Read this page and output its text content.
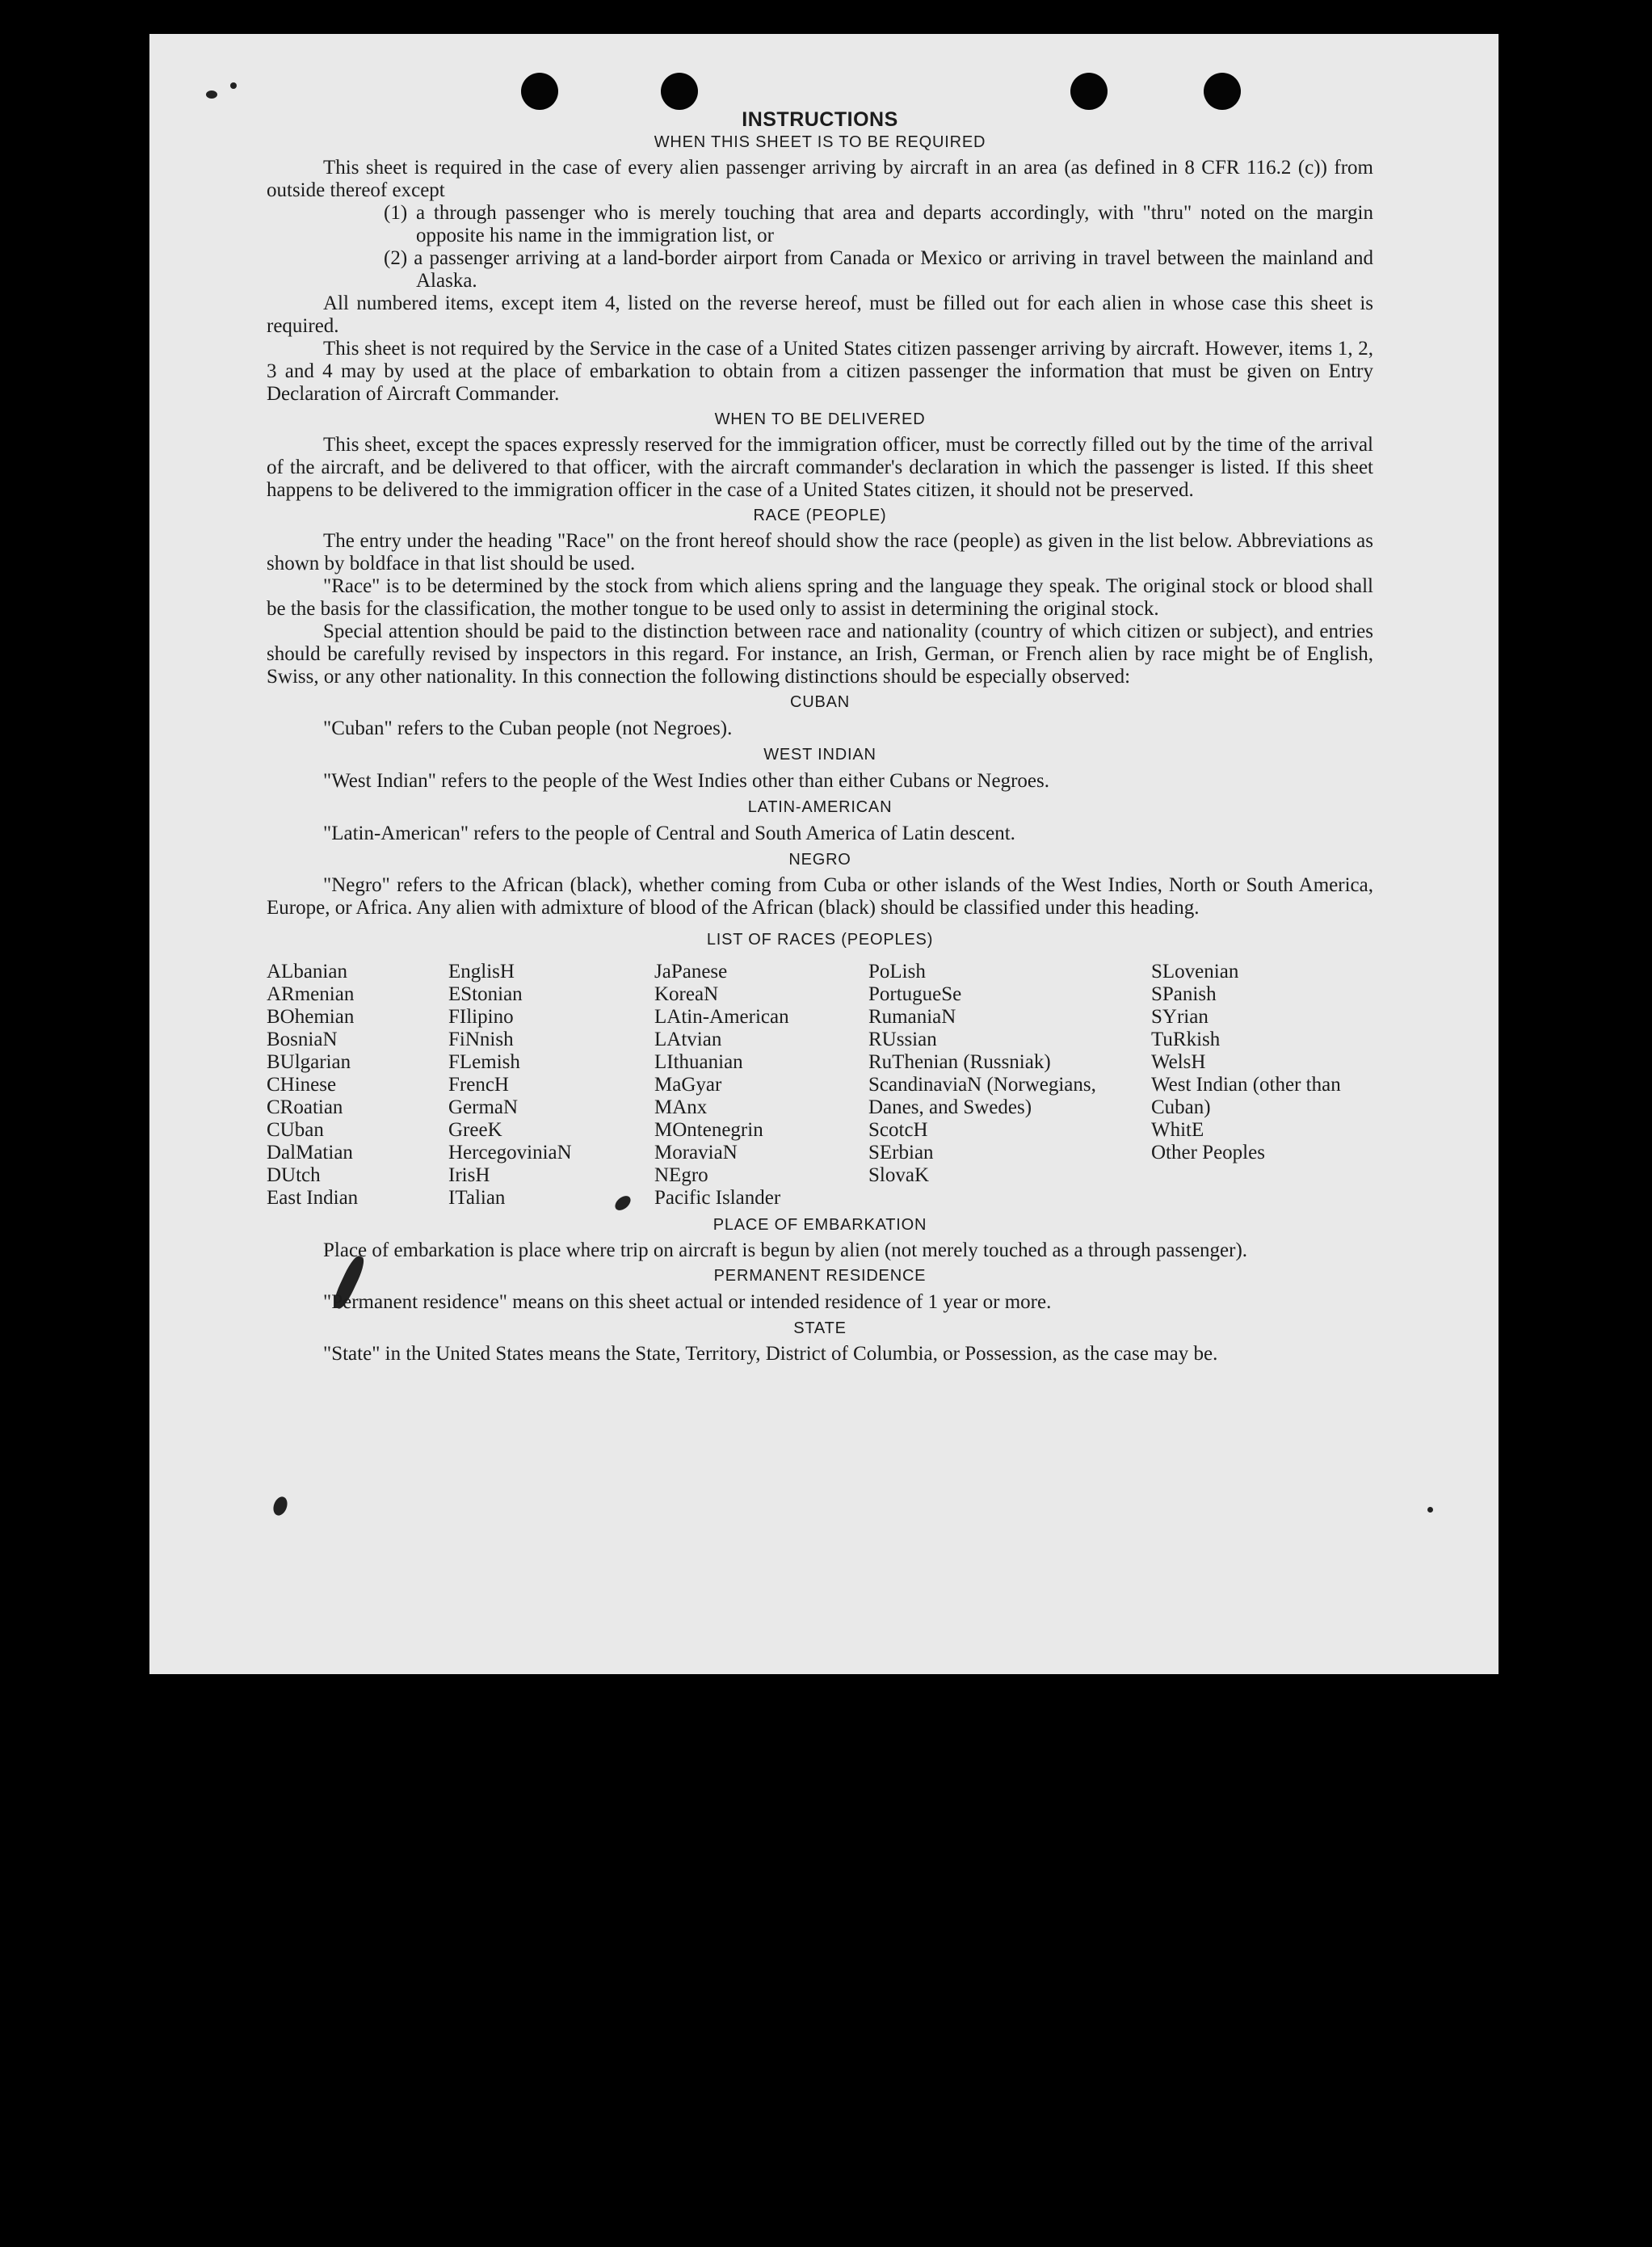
INSTRUCTIONS
WHEN THIS SHEET IS TO BE REQUIRED

This sheet is required in the case of every alien passenger arriving by aircraft in an area (as defined in 8 CFR 116.2 (c)) from outside thereof except

(1) a through passenger who is merely touching that area and departs accordingly, with "thru" noted on the margin opposite his name in the immigration list, or

(2) a passenger arriving at a land-border airport from Canada or Mexico or arriving in travel between the mainland and Alaska.

All numbered items, except item 4, listed on the reverse hereof, must be filled out for each alien in whose case this sheet is required.

This sheet is not required by the Service in the case of a United States citizen passenger arriving by aircraft. However, items 1, 2, 3 and 4 may by used at the place of embarkation to obtain from a citizen passenger the information that must be given on Entry Declaration of Aircraft Commander.

WHEN TO BE DELIVERED

This sheet, except the spaces expressly reserved for the immigration officer, must be correctly filled out by the time of the arrival of the aircraft, and be delivered to that officer, with the aircraft commander's declaration in which the passenger is listed. If this sheet happens to be delivered to the immigration officer in the case of a United States citizen, it should not be preserved.

RACE (PEOPLE)

The entry under the heading "Race" on the front hereof should show the race (people) as given in the list below. Abbreviations as shown by boldface in that list should be used.

"Race" is to be determined by the stock from which aliens spring and the language they speak. The original stock or blood shall be the basis for the classification, the mother tongue to be used only to assist in determining the original stock.

Special attention should be paid to the distinction between race and nationality (country of which citizen or subject), and entries should be carefully revised by inspectors in this regard. For instance, an Irish, German, or French alien by race might be of English, Swiss, or any other nationality. In this connection the following distinctions should be especially observed:

CUBAN

"Cuban" refers to the Cuban people (not Negroes).

WEST INDIAN

"West Indian" refers to the people of the West Indies other than either Cubans or Negroes.

LATIN-AMERICAN

"Latin-American" refers to the people of Central and South America of Latin descent.

NEGRO

"Negro" refers to the African (black), whether coming from Cuba or other islands of the West Indies, North or South America, Europe, or Africa. Any alien with admixture of blood of the African (black) should be classified under this heading.

LIST OF RACES (PEOPLES)
ALbanian
ARmenian
BOhemian
BosniaN
BUlgarian
CHinese
CRoatian
CUban
DalMatian
DUtch
East Indian
EnglisH
EStonian
FIlipino
FiNnish
FLemish
FrencH
GermaN
GreeK
HercegoviniaN
IrisH
ITalian
JaPanese
KoreaN
LAtin-American
LAtvian
LIthuanian
MaGyar
MAnx
MOntenegrin
MoraviaN
NEgro
Pacific Islander
PoLish
PortugueSe
RumaniaN
RUssian
RuThenian (Russniak)
ScandinaviaN (Norwegians, Danes, and Swedes)
ScotcH
SErbian
SlovaK
SLovenian
SPanish
SYrian
TuRkish
WelsH
West Indian (other than Cuban)
WhitE
Other Peoples
PLACE OF EMBARKATION

Place of embarkation is place where trip on aircraft is begun by alien (not merely touched as a through passenger).

PERMANENT RESIDENCE

"Permanent residence" means on this sheet actual or intended residence of 1 year or more.

STATE

"State" in the United States means the State, Territory, District of Columbia, or Possession, as the case may be.
